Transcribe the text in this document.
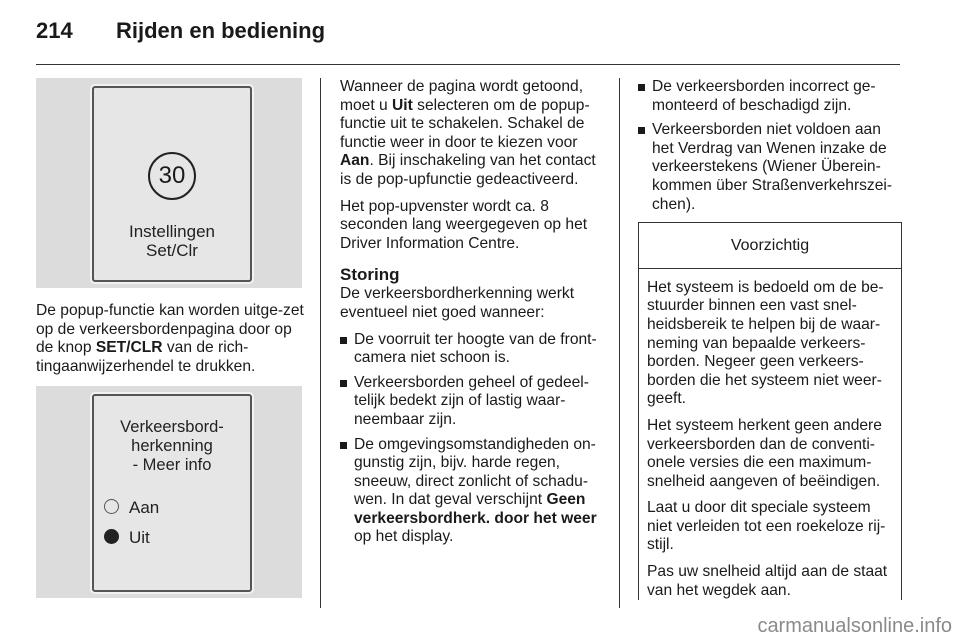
214 Rijden en bediening
30
Instellingen
Set/Clr

De popup-functie kan worden uitge-zet op de verkeersbordenpagina door op de knop SET/CLR van de rich-tingaanwijzerhendel te drukken.

Verkeersbord-
herkenning
- Meer info
Aan
Uit

Wanneer de pagina wordt getoond, moet u Uit selecteren om de popup-functie uit te schakelen. Schakel de functie weer in door te kiezen voor Aan. Bij inschakeling van het contact is de pop-upfunctie gedeactiveerd.

Het pop-upvenster wordt ca. 8 seconden lang weergegeven op het Driver Information Centre.

Storing

De verkeersbordherkenning werkt eventueel niet goed wanneer:

De voorruit ter hoogte van de front-camera niet schoon is.
Verkeersborden geheel of gedeel-telijk bedekt zijn of lastig waar-neembaar zijn.
De omgevingsomstandigheden on-gunstig zijn, bijv. harde regen, sneeuw, direct zonlicht of schadu-wen. In dat geval verschijnt Geen verkeersbordherk. door het weer op het display.
De verkeersborden incorrect ge-monteerd of beschadigd zijn.
Verkeersborden niet voldoen aan het Verdrag van Wenen inzake de verkeerstekens (Wiener Überein-kommen über Straßenverkehrszei-chen).
Voorzichtig

Het systeem is bedoeld om de be-stuurder binnen een vast snel-heidsbereik te helpen bij de waar-neming van bepaalde verkeers-borden. Negeer geen verkeers-borden die het systeem niet weer-geeft.

Het systeem herkent geen andere verkeersborden dan de conventi-onele versies die een maximum-snelheid aangeven of beëindigen.

Laat u door dit speciale systeem niet verleiden tot een roekeloze rij-stijl.

Pas uw snelheid altijd aan de staat van het wegdek aan.

carmanualsonline.info
